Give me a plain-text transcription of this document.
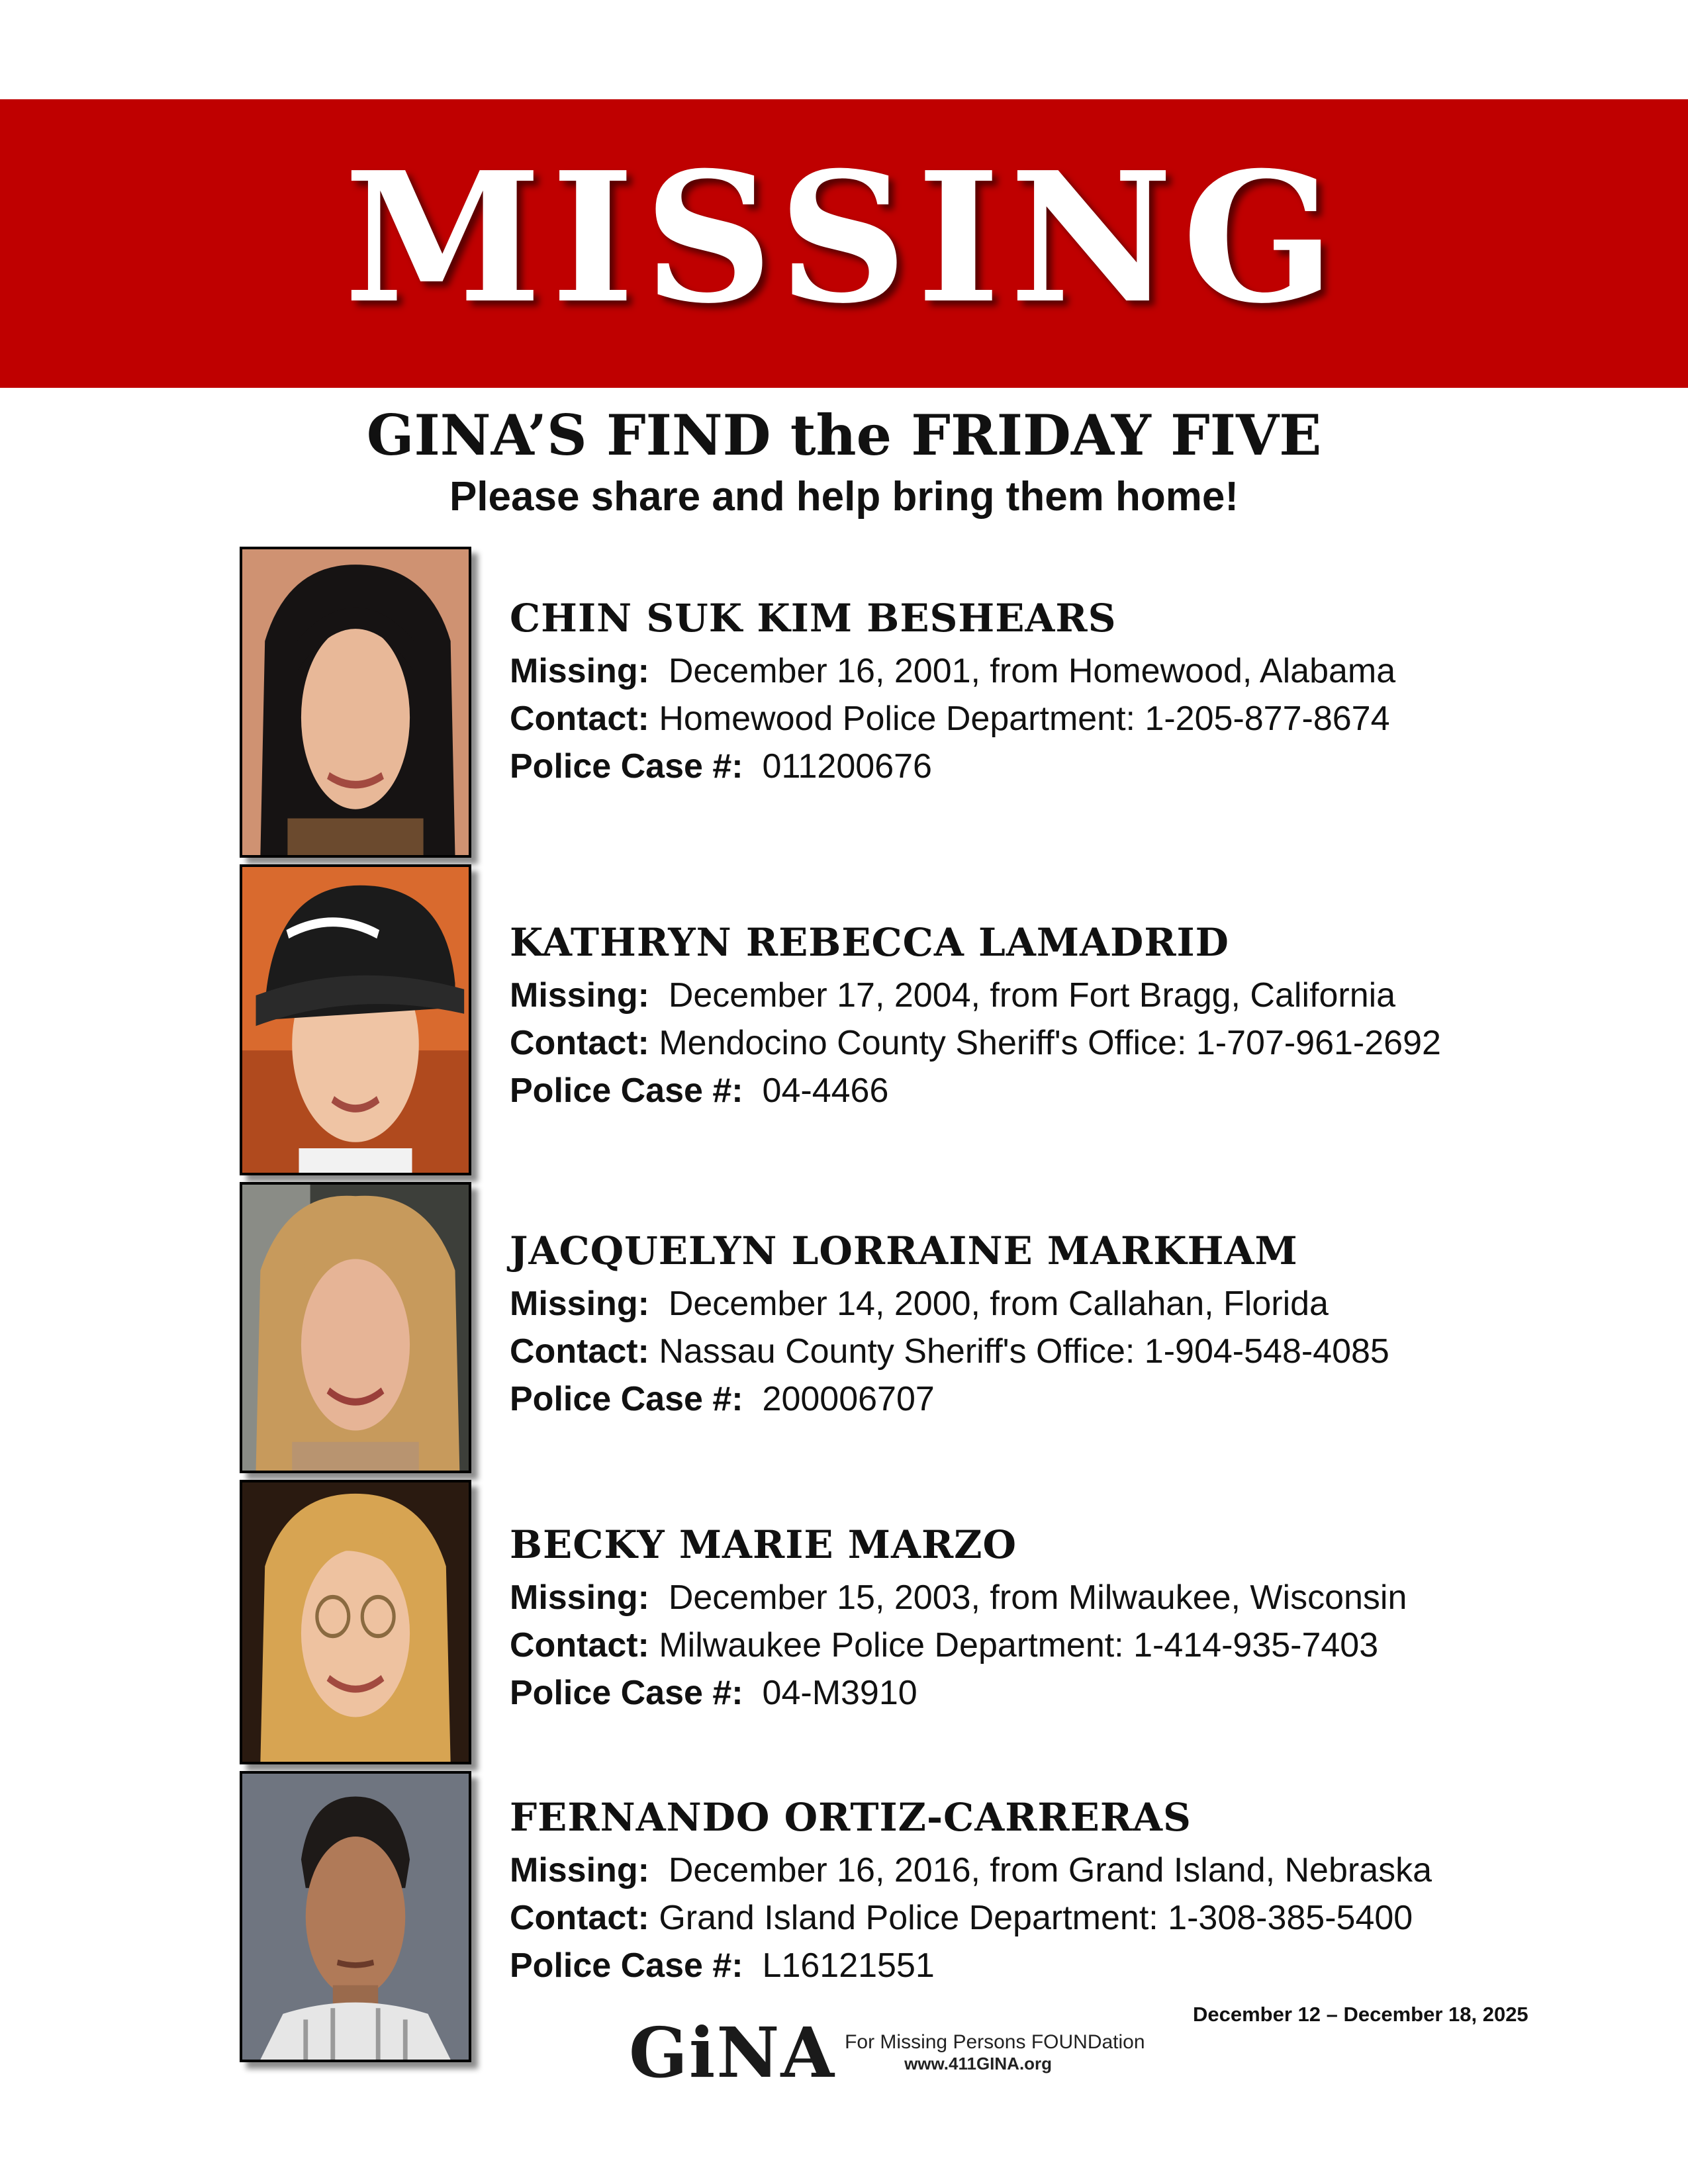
MISSING
GINA’S FIND the FRIDAY FIVE
Please share and help bring them home!
CHIN SUK KIM BESHEARS
Missing: December 16, 2001, from Homewood, Alabama
Contact: Homewood Police Department: 1-205-877-8674
Police Case #: 011200676
KATHRYN REBECCA LAMADRID
Missing: December 17, 2004, from Fort Bragg, California
Contact: Mendocino County Sheriff's Office: 1-707-961-2692
Police Case #: 04-4466
JACQUELYN LORRAINE MARKHAM
Missing: December 14, 2000, from Callahan, Florida
Contact: Nassau County Sheriff's Office: 1-904-548-4085
Police Case #: 200006707
BECKY MARIE MARZO
Missing: December 15, 2003, from Milwaukee, Wisconsin
Contact: Milwaukee Police Department: 1-414-935-7403
Police Case #: 04-M3910
FERNANDO ORTIZ-CARRERAS
Missing: December 16, 2016, from Grand Island, Nebraska
Contact: Grand Island Police Department: 1-308-385-5400
Police Case #: L16121551
GiNA For Missing Persons FOUNDation
www.411GINA.org
December 12 – December 18, 2025
